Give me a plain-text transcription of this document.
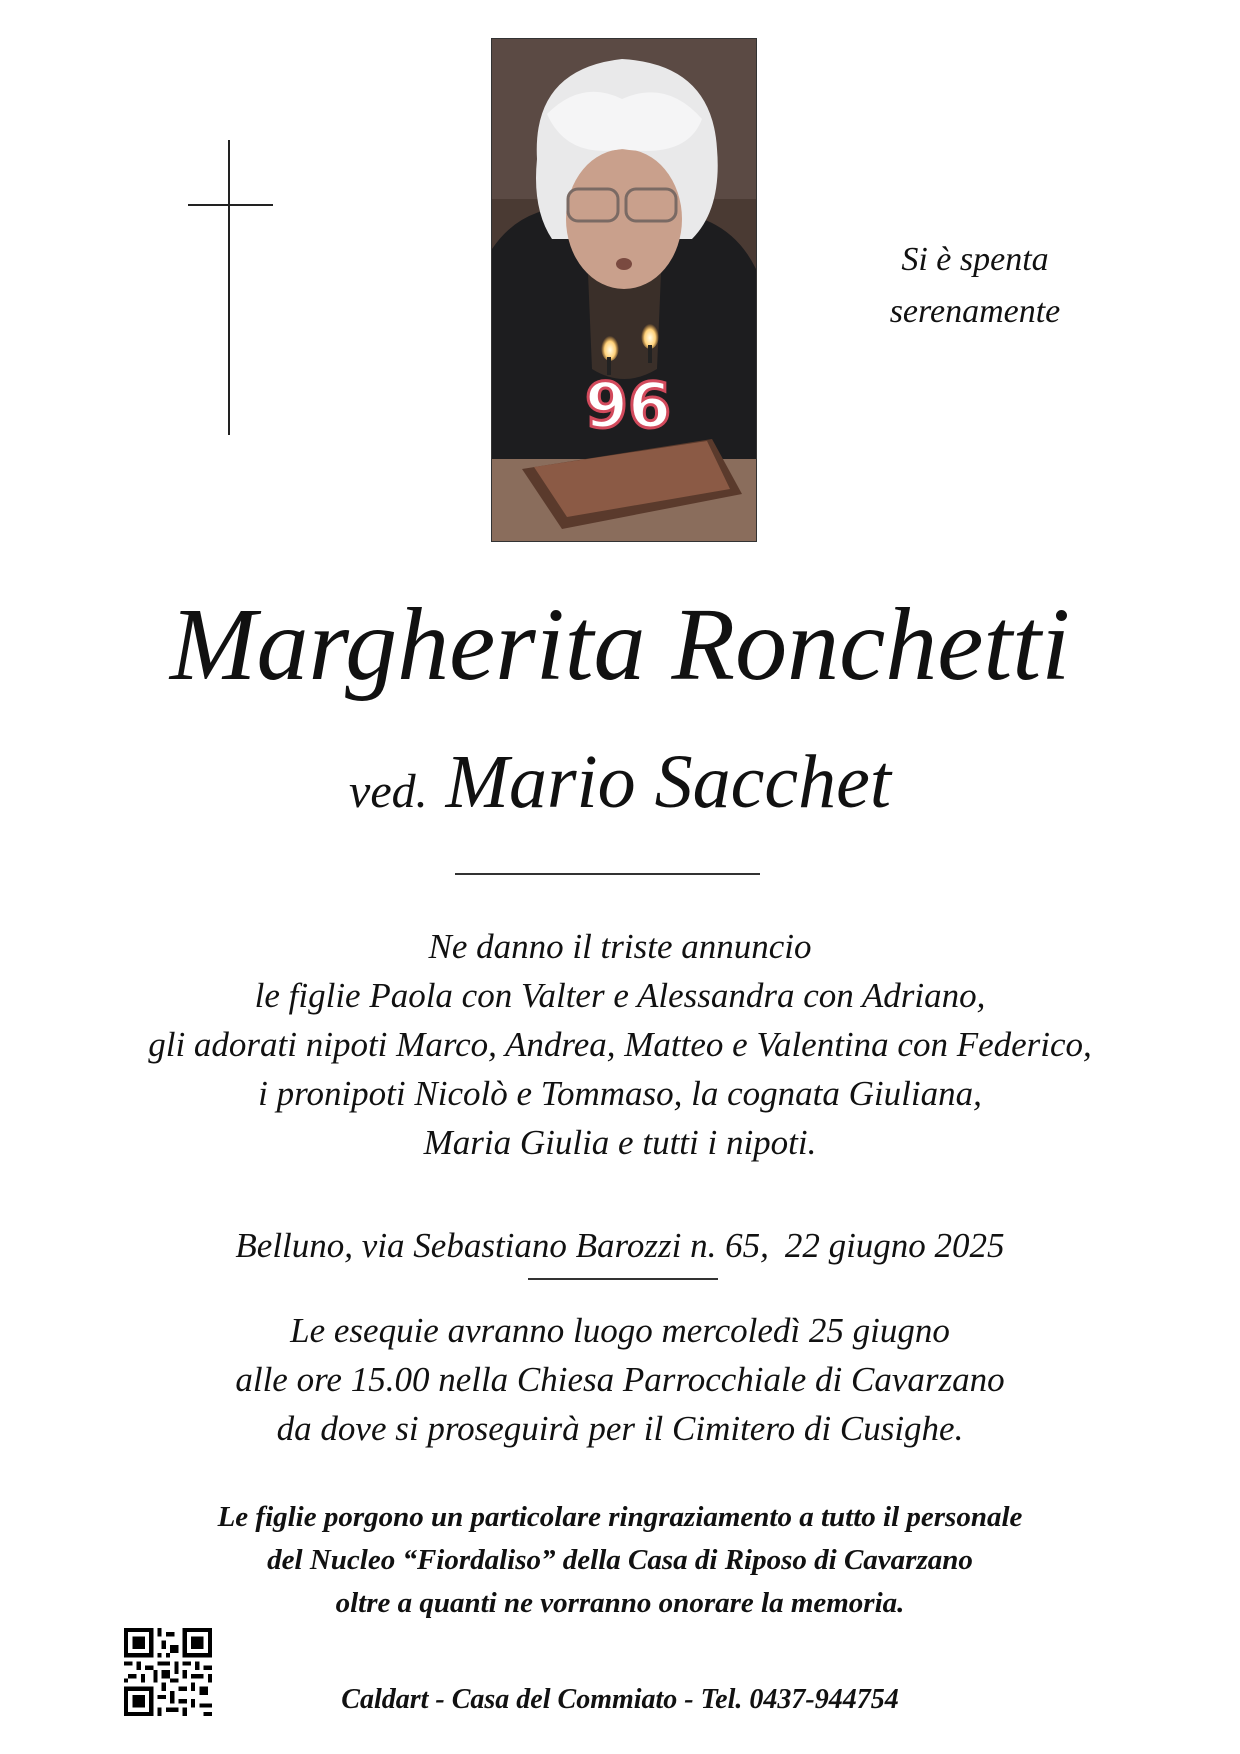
96
Si è spenta
serenamente
Margherita Ronchetti
ved. Mario Sacchet
Ne danno il triste annuncio
le figlie Paola con Valter e Alessandra con Adriano,
gli adorati nipoti Marco, Andrea, Matteo e Valentina con Federico,
i pronipoti Nicolò e Tommaso, la cognata Giuliana,
Maria Giulia e tutti i nipoti.
Belluno, via Sebastiano Barozzi n. 65, 22 giugno 2025
Le esequie avranno luogo mercoledì 25 giugno
alle ore 15.00 nella Chiesa Parrocchiale di Cavarzano
da dove si proseguirà per il Cimitero di Cusighe.
Le figlie porgono un particolare ringraziamento a tutto il personale
del Nucleo “Fiordaliso” della Casa di Riposo di Cavarzano
oltre a quanti ne vorranno onorare la memoria.
Caldart - Casa del Commiato - Tel. 0437-944754
